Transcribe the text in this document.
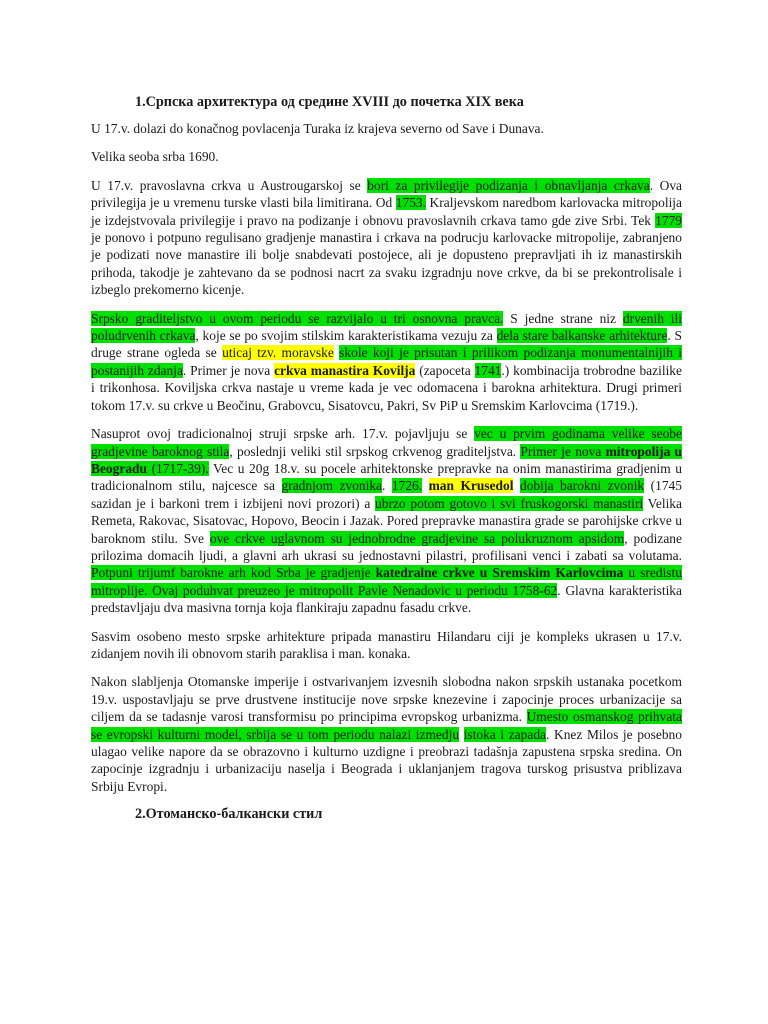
1.Српска архитектура од средине XVIII до почетка XIX века

U 17.v. dolazi do konačnog povlacenja Turaka iz krajeva severno od Save i Dunava.

Velika seoba srba 1690.

U 17.v. pravoslavna crkva u Austrougarskoj se bori za privilegije podizanja i obnavljanja crkava. Ova privilegija je u vremenu turske vlasti bila limitirana. Od 1753. Kraljevskom naredbom karlovacka mitropolija je izdejstvovala privilegije i pravo na podizanje i obnovu pravoslavnih crkava tamo gde zive Srbi. Tek 1779 je ponovo i potpuno regulisano gradjenje manastira i crkava na podrucju karlovacke mitropolije, zabranjeno je podizati nove manastire ili bolje snabdevati postojece, ali je dopusteno prepravljati ih iz manastirskih prihoda, takodje je zahtevano da se podnosi nacrt za svaku izgradnju nove crkve, da bi se prekontrolisale i izbeglo prekomerno kicenje.

Srpsko graditeljstvo u ovom periodu se razvijalo u tri osnovna pravca. S jedne strane niz drvenih ili poludrvenih crkava, koje se po svojim stilskim karakteristikama vezuju za dela stare balkanske arhitekture. S druge strane ogleda se uticaj tzv. moravske skole koji je prisutan i prilikom podizanja monumentalnijih i postanijih zdanja. Primer je nova crkva manastira Kovilja (zapoceta 1741.) kombinacija trobrodne bazilike i trikonhosa. Koviljska crkva nastaje u vreme kada je vec odomacena i barokna arhitektura. Drugi primeri tokom 17.v. su crkve u Beočinu, Grabovcu, Sisatovcu, Pakri, Sv PiP u Sremskim Karlovcima (1719.).

Nasuprot ovoj tradicionalnoj struji srpske arh. 17.v. pojavljuju se vec u prvim godinama velike seobe gradjevine baroknog stila, poslednji veliki stil srpskog crkvenog graditeljstva. Primer je nova mitropolija u Beogradu (1717-39). Vec u 20g 18.v. su pocele arhitektonske prepravke na onim manastirima gradjenim u tradicionalnom stilu, najcesce sa gradnjom zvonika. 1726. man Krusedol dobija barokni zvonik (1745 sazidan je i barkoni trem i izbijeni novi prozori) a ubrzo potom gotovo i svi fruskogorski manastiri Velika Remeta, Rakovac, Sisatovac, Hopovo, Beocin i Jazak. Pored prepravke manastira grade se parohijske crkve u baroknom stilu. Sve ove crkve uglavnom su jednobrodne gradjevine sa polukruznom apsidom, podizane prilozima domacih ljudi, a glavni arh ukrasi su jednostavni pilastri, profilisani venci i zabati sa volutama. Potpuni trijumf barokne arh kod Srba je gradjenje katedralne crkve u Sremskim Karlovcima u sredistu mitroplije. Ovaj poduhvat preuzeo je mitropolit Pavle Nenadovic u periodu 1758-62. Glavna karakteristika predstavljaju dva masivna tornja koja flankiraju zapadnu fasadu crkve.

Sasvim osobeno mesto srpske arhitekture pripada manastiru Hilandaru ciji je kompleks ukrasen u 17.v. zidanjem novih ili obnovom starih paraklisa i man. konaka.

Nakon slabljenja Otomanske imperije i ostvarivanjem izvesnih slobodna nakon srpskih ustanaka pocetkom 19.v. uspostavljaju se prve drustvene institucije nove srpske knezevine i zapocinje proces urbanizacije sa ciljem da se tadasnje varosi transformisu po principima evropskog urbanizma. Umesto osmanskog prihvata se evropski kulturni model, srbija se u tom periodu nalazi izmedju istoka i zapada. Knez Milos je posebno ulagao velike napore da se obrazovno i kulturno uzdigne i preobrazi tadašnja zapustena srpska sredina. On zapocinje izgradnju i urbanizaciju naselja i Beograda i uklanjanjem tragova turskog prisustva priblizava Srbiju Evropi.

2.Отоманско-балкански стил
